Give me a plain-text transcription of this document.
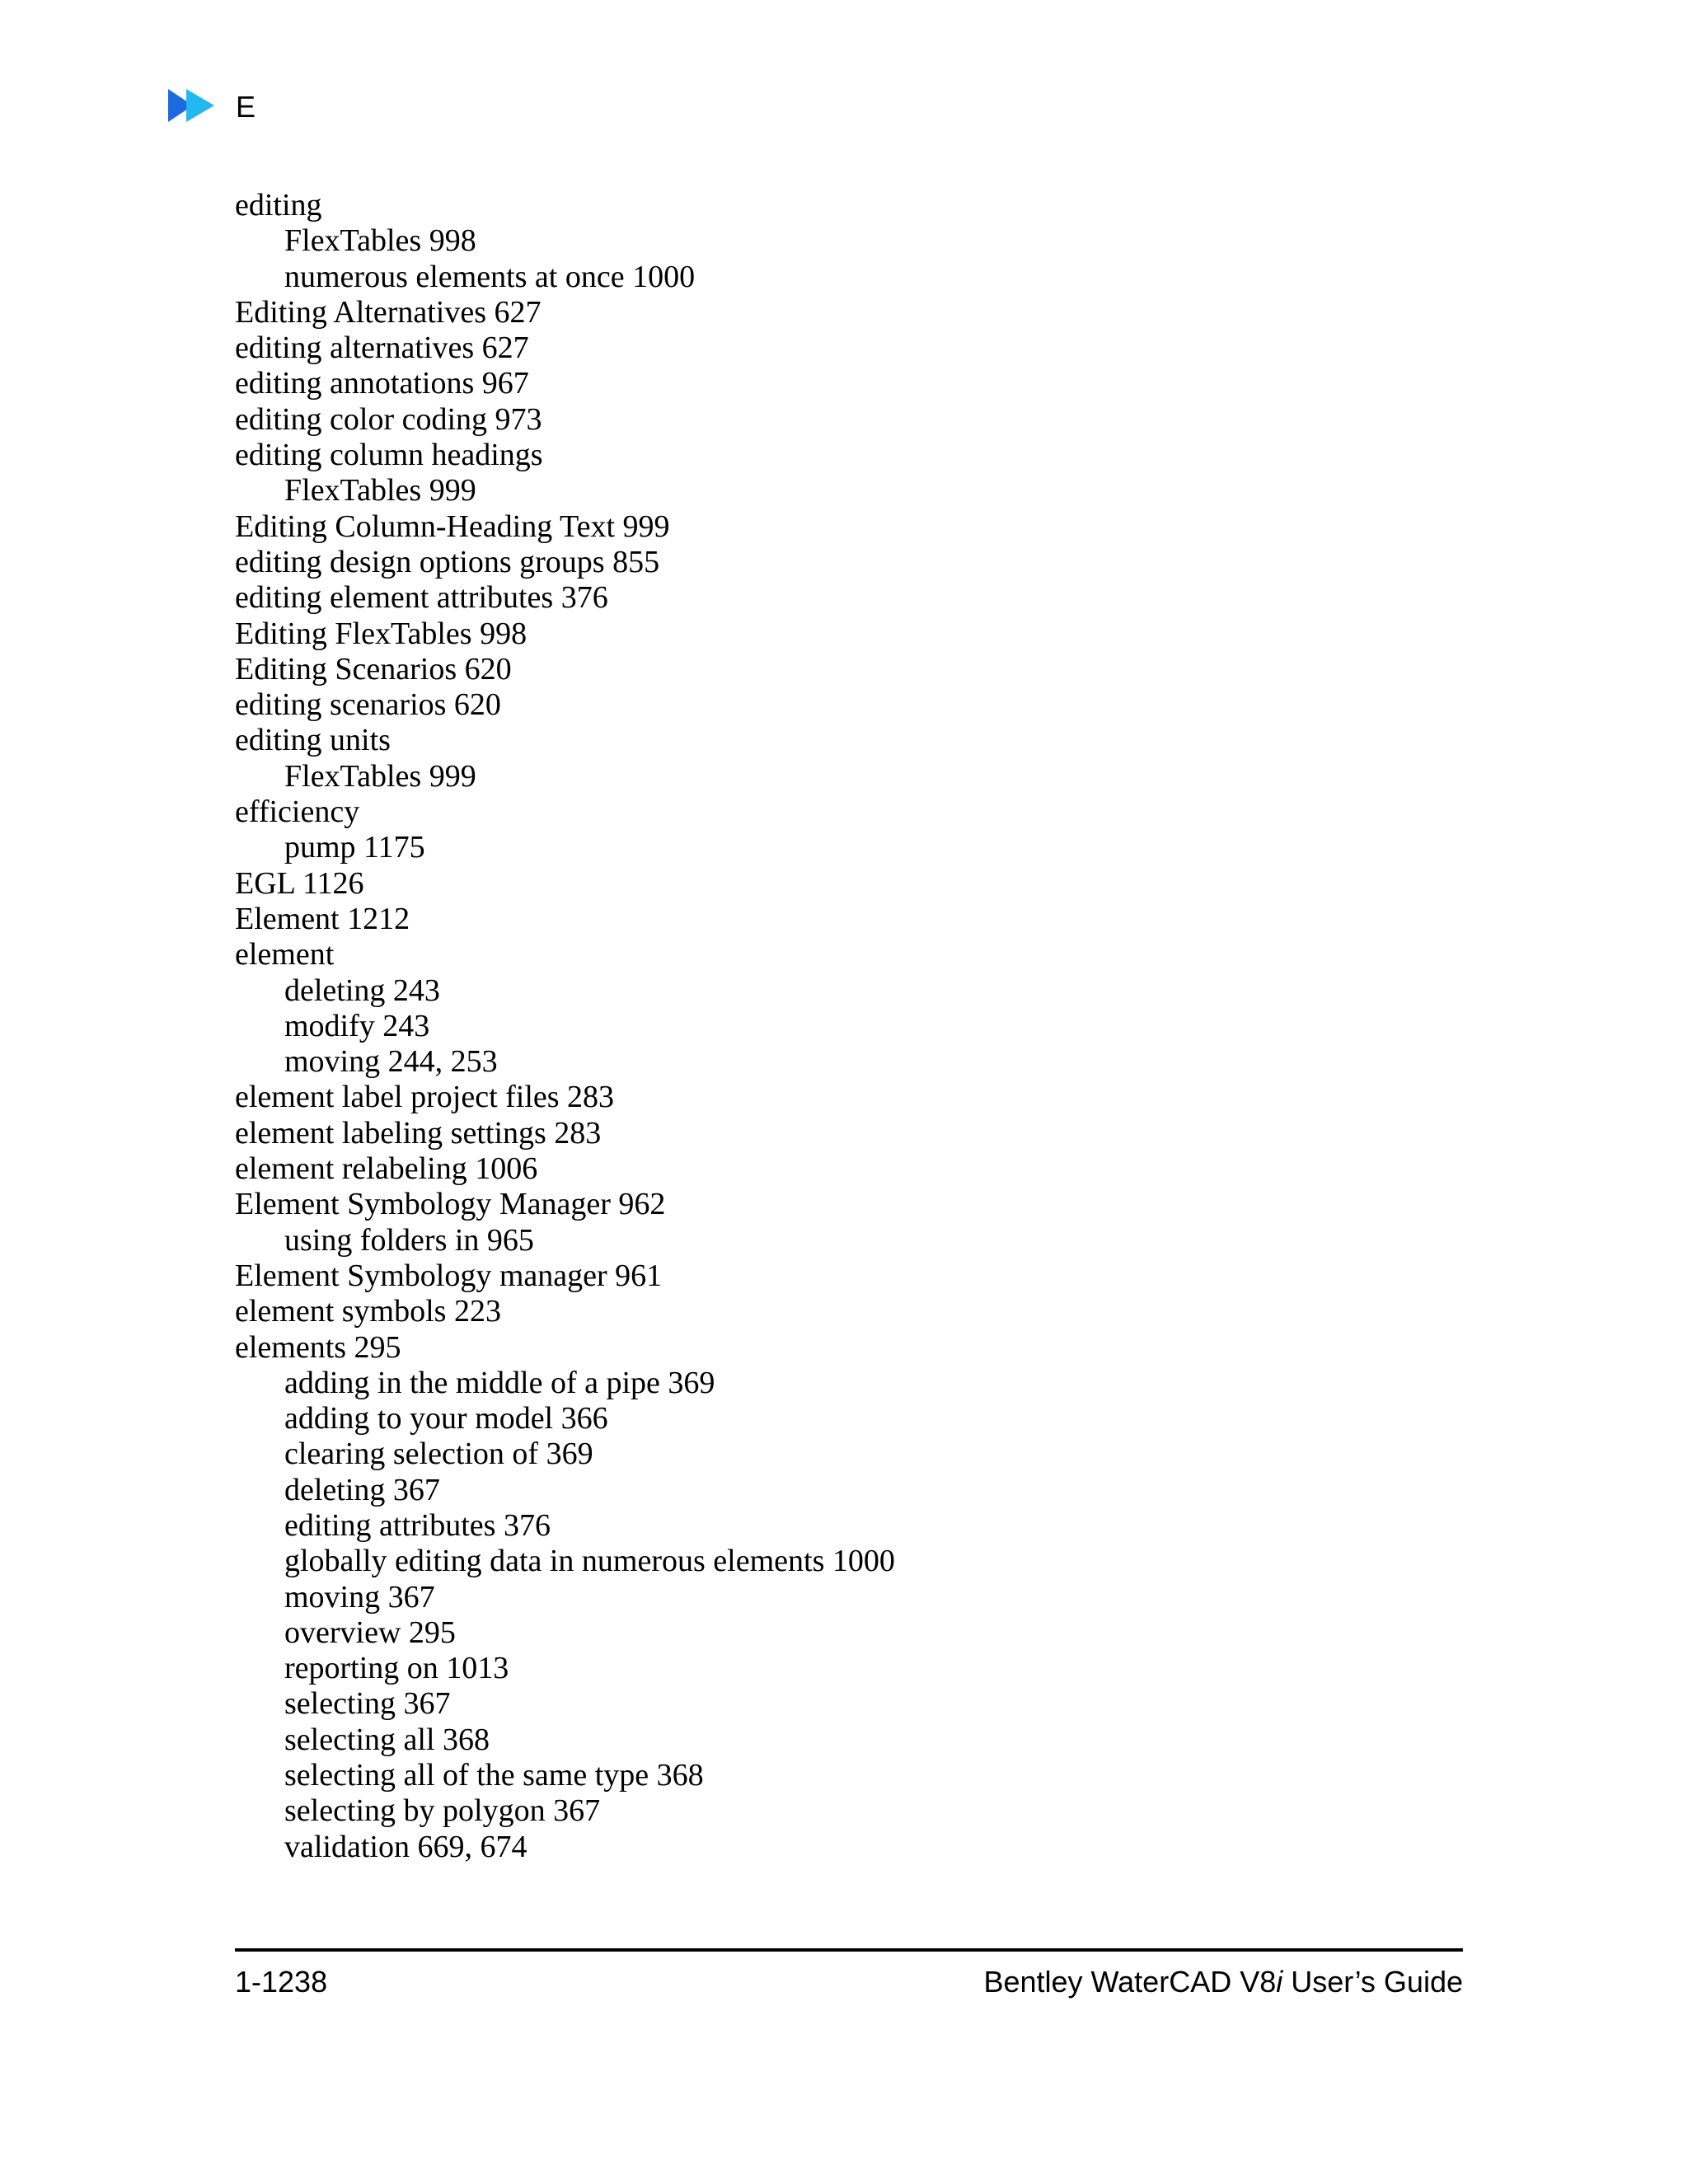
E
editing
FlexTables 998
numerous elements at once 1000
Editing Alternatives 627
editing alternatives 627
editing annotations 967
editing color coding 973
editing column headings
FlexTables 999
Editing Column-Heading Text 999
editing design options groups 855
editing element attributes 376
Editing FlexTables 998
Editing Scenarios 620
editing scenarios 620
editing units
FlexTables 999
efficiency
pump 1175
EGL 1126
Element 1212
element
deleting 243
modify 243
moving 244, 253
element label project files 283
element labeling settings 283
element relabeling 1006
Element Symbology Manager 962
using folders in 965
Element Symbology manager 961
element symbols 223
elements 295
adding in the middle of a pipe 369
adding to your model 366
clearing selection of 369
deleting 367
editing attributes 376
globally editing data in numerous elements 1000
moving 367
overview 295
reporting on 1013
selecting 367
selecting all 368
selecting all of the same type 368
selecting by polygon 367
validation 669, 674
1-1238	Bentley WaterCAD V8i User’s Guide
